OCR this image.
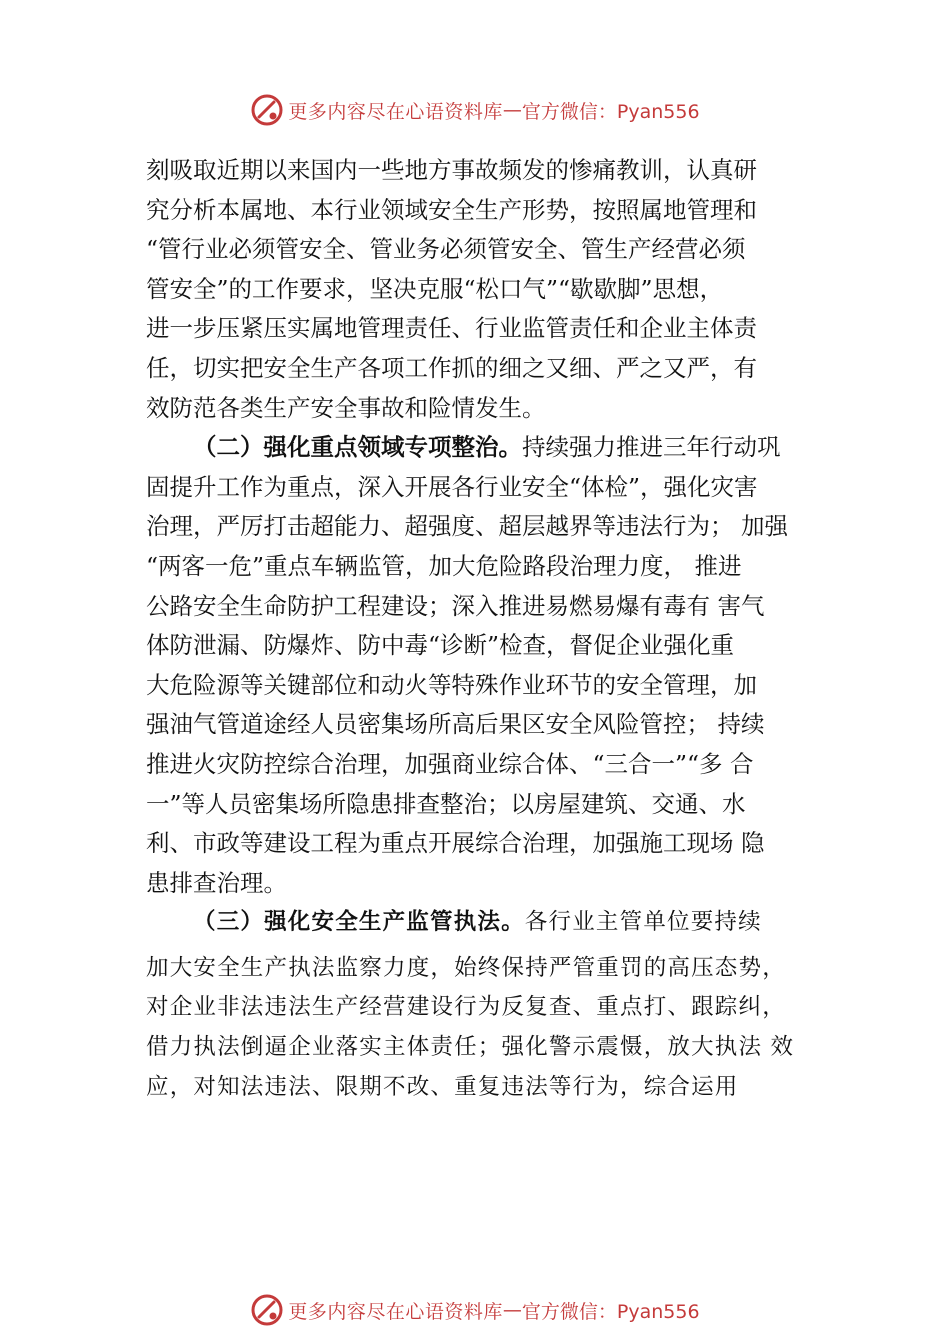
更多内容尽在心语资料库 — 官方微信：Pyan556
刻吸取近期以来国内一些地方事故频发的惨痛教训，认真研
究分析本属地、本行业领域安全生产形势，按照属地管理和
“管行业必须管安全、管业务必须管安全、管生产经营必须
管安全”的工作要求，坚决克服“松口气”“歇歇脚”思想，
进一步压紧压实属地管理责任、行业监管责任和企业主体责
任，切实把安全生产各项工作抓的细之又细、严之又严，有
效防范各类生产安全事故和险情发生。
（二）强化重点领域专项整治。持续强力推进三年行动巩
固提升工作为重点，深入开展各行业安全“体检”，强化灾害
治理，严厉打击超能力、超强度、超层越界等违法行为； 加强
“两客一危”重点车辆监管，加大危险路段治理力度， 推进
公路安全生命防护工程建设；深入推进易燃易爆有毒有 害气
体防泄漏、防爆炸、防中毒“诊断”检查，督促企业强化重
大危险源等关键部位和动火等特殊作业环节的安全管理，加
强油气管道途经人员密集场所高后果区安全风险管控； 持续
推进火灾防控综合治理，加强商业综合体、“三合一”“多 合
一”等人员密集场所隐患排查整治；以房屋建筑、交通、水
利、市政等建设工程为重点开展综合治理，加强施工现场 隐
患排查治理。
（三）强化安全生产监管执法。各行业主管单位要持续
加大安全生产执法监察力度，始终保持严管重罚的高压态势，
对企业非法违法生产经营建设行为反复查、重点打、跟踪纠，
借力执法倒逼企业落实主体责任；强化警示震慑，放大执法 效
应，对知法违法、限期不改、重复违法等行为，综合运用
更多内容尽在心语资料库 — 官方微信：Pyan556
